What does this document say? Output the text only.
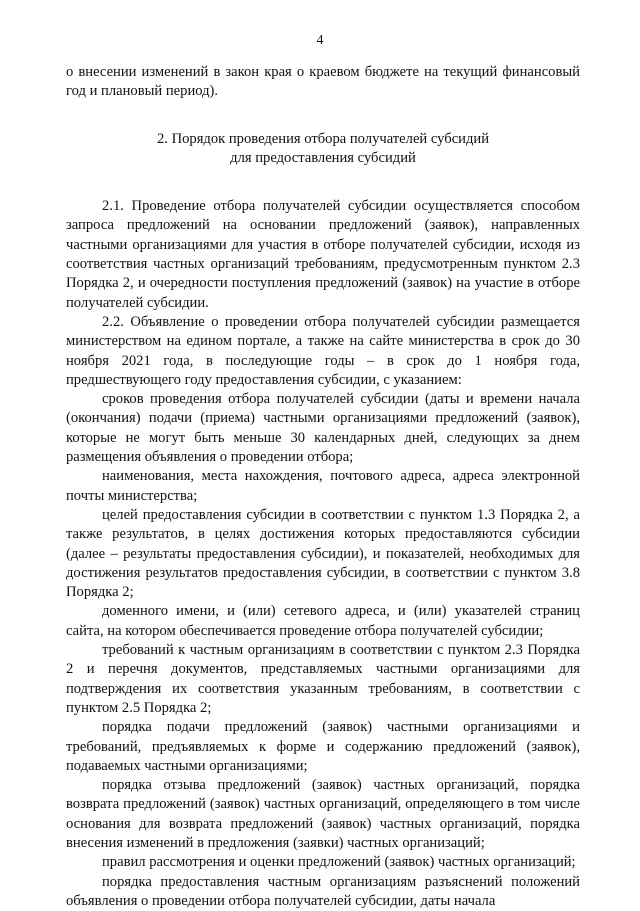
4

о внесении изменений в закон края о краевом бюджете на текущий финансовый год и плановый период).

2. Порядок проведения отбора получателей субсидий
для предоставления субсидий

2.1. Проведение отбора получателей субсидии осуществляется способом запроса предложений на основании предложений (заявок), направленных частными организациями для участия в отборе получателей субсидии, исходя из соответствия частных организаций требованиям, предусмотренным пунктом 2.3 Порядка 2, и очередности поступления предложений (заявок) на участие в отборе получателей субсидии.

2.2. Объявление о проведении отбора получателей субсидии размещается министерством на едином портале, а также на сайте министерства в срок до 30 ноября 2021 года, в последующие годы – в срок до 1 ноября года, предшествующего году предоставления субсидии, с указанием:

сроков проведения отбора получателей субсидии (даты и времени начала (окончания) подачи (приема) частными организациями предложений (заявок), которые не могут быть меньше 30 календарных дней, следующих за днем размещения объявления о проведении отбора;

наименования, места нахождения, почтового адреса, адреса электронной почты министерства;

целей предоставления субсидии в соответствии с пунктом 1.3 Порядка 2, а также результатов, в целях достижения которых предоставляются субсидии (далее – результаты предоставления субсидии), и показателей, необходимых для достижения результатов предоставления субсидии, в соответствии с пунктом 3.8 Порядка 2;

доменного имени, и (или) сетевого адреса, и (или) указателей страниц сайта, на котором обеспечивается проведение отбора получателей субсидии;

требований к частным организациям в соответствии с пунктом 2.3 Порядка 2 и перечня документов, представляемых частными организациями для подтверждения их соответствия указанным требованиям, в соответствии с пунктом 2.5 Порядка 2;

порядка подачи предложений (заявок) частными организациями и требований, предъявляемых к форме и содержанию предложений (заявок), подаваемых частными организациями;

порядка отзыва предложений (заявок) частных организаций, порядка возврата предложений (заявок) частных организаций, определяющего в том числе основания для возврата предложений (заявок) частных организаций, порядка внесения изменений в предложения (заявки) частных организаций;

правил рассмотрения и оценки предложений (заявок) частных организаций;

порядка предоставления частным организациям разъяснений положений объявления о проведении отбора получателей субсидии, даты начала
